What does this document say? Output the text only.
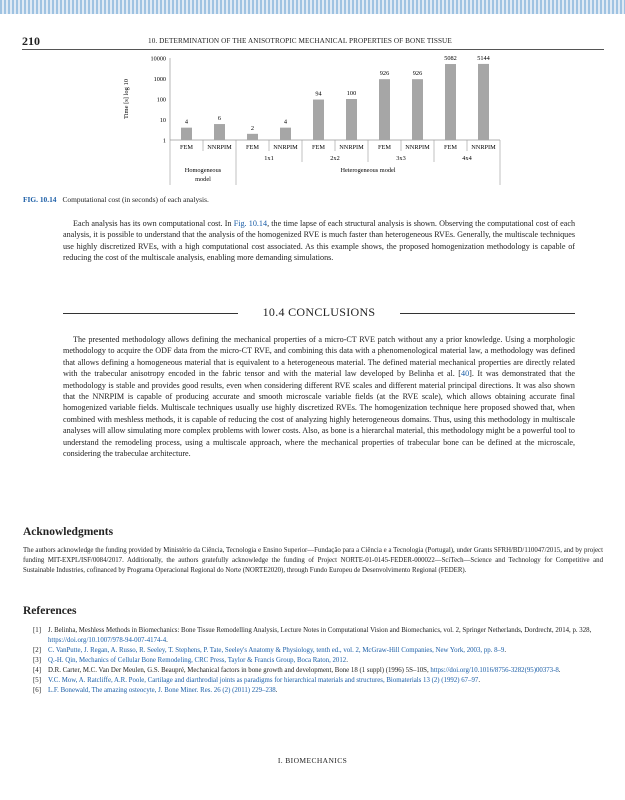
210	10. DETERMINATION OF THE ANISOTROPIC MECHANICAL PROPERTIES OF BONE TISSUE
10000
1000
100
10
1
Time [s] log 10
4
FEM
6
NNRPIM
2
FEM
4
NNRPIM
94
FEM
100
NNRPIM
926
FEM
926
NNRPIM
5082
FEM
5144
NNRPIM
1x1	2x2	3x3	4x4
Homogeneous
model
Heterogeneous model
FIG. 10.14 Computational cost (in seconds) of each analysis.
Each analysis has its own computational cost. In Fig. 10.14, the time lapse of each structural analysis is shown. Observing the computational cost of each analysis, it is possible to understand that the analysis of the homogenized RVE is much faster than heterogeneous RVEs. Generally, the multiscale techniques use highly discretized RVEs, with a high computational cost associated. As this example shows, the proposed homogenization methodology is capable of reducing the cost of the multiscale analysis, enabling more demanding simulations.
10.4 CONCLUSIONS
The presented methodology allows defining the mechanical properties of a micro-CT RVE patch without any a prior knowledge. Using a morphologic methodology to acquire the ODF data from the micro-CT RVE, and combining this data with a phenomenological material law, a methodology was defined that allows defining a homogeneous material that is equivalent to a heterogeneous material. The defined material mechanical properties are directly related with the trabecular anisotropy encoded in the fabric tensor and with the material law developed by Belinha et al. [40]. It was demonstrated that the methodology is stable and provides good results, even when considering different RVE scales and different material principal directions. It was also shown that the NNRPIM is capable of producing accurate and smooth microscale variable fields (at the RVE scale), which allows obtaining accurate final homogenized variable fields. Multiscale techniques usually use highly discretized RVEs. The homogenization technique here proposed showed that, when combined with meshless methods, it is capable of reducing the cost of analyzing highly heterogeneous domains. Thus, using this methodology in multiscale analyses will allow simulating more complex problems with lower costs. Also, as bone is a hierarchal material, this methodology might be a powerful tool to understand the remodeling process, using a multiscale approach, where the mechanical properties of trabecular bone can be defined at the microscale, considering the trabeculae architecture.
Acknowledgments
The authors acknowledge the funding provided by Ministério da Ciência, Tecnologia e Ensino Superior—Fundação para a Ciência e a Tecnologia (Portugal), under Grants SFRH/BD/110047/2015, and by project funding MIT-EXPL/ISF/0084/2017. Additionally, the authors gratefully acknowledge the funding of Project NORTE-01-0145-FEDER-000022—SciTech—Science and Technology for Competitive and Sustainable Industries, cofinanced by Programa Operacional Regional do Norte (NORTE2020), through Fundo Europeu de Desenvolvimento Regional (FEDER).
References
[1] J. Belinha, Meshless Methods in Biomechanics: Bone Tissue Remodelling Analysis, Lecture Notes in Computational Vision and Biomechanics, vol. 2, Springer Netherlands, Dordrecht, 2014, p. 328, https://doi.org/10.1007/978-94-007-4174-4.
[2] C. VanPutte, J. Regan, A. Russo, R. Seeley, T. Stephens, P. Tate, Seeley's Anatomy & Physiology, tenth ed., vol. 2, McGraw-Hill Companies, New York, 2003, pp. 8–9.
[3] Q.-H. Qin, Mechanics of Cellular Bone Remodeling, CRC Press, Taylor & Francis Group, Boca Raton, 2012.
[4] D.R. Carter, M.C. Van Der Meulen, G.S. Beaupré, Mechanical factors in bone growth and development, Bone 18 (1 suppl) (1996) 5S–10S, https://doi.org/10.1016/8756-3282(95)00373-8.
[5] V.C. Mow, A. Ratcliffe, A.R. Poole, Cartilage and diarthrodial joints as paradigms for hierarchical materials and structures, Biomaterials 13 (2) (1992) 67–97.
[6] L.F. Bonewald, The amazing osteocyte, J. Bone Miner. Res. 26 (2) (2011) 229–238.
I. BIOMECHANICS
